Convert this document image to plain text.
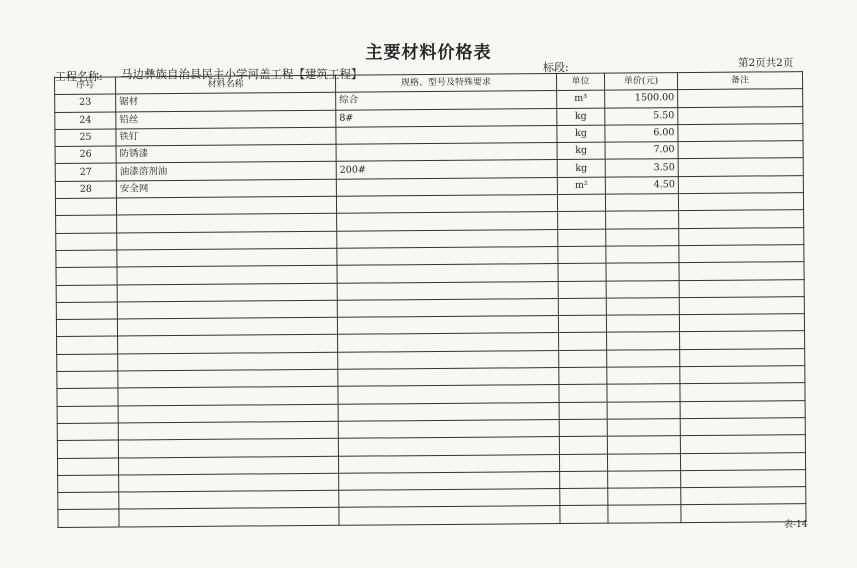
主要材料价格表
工程名称: 马边彝族自治县民主小学河盖工程【建筑工程】	标段:	第2页共2页
序号	材料名称	规格、型号及特殊要求	单位	单价(元)	备注
23	锯材	综合	m³	1500.00	
24	铅丝	8#	kg	5.50	
25	铁钉		kg	6.00	
26	防锈漆		kg	7.00	
27	油漆溶剂油	200#	kg	3.50	
28	安全网		m²	4.50	

表-14
